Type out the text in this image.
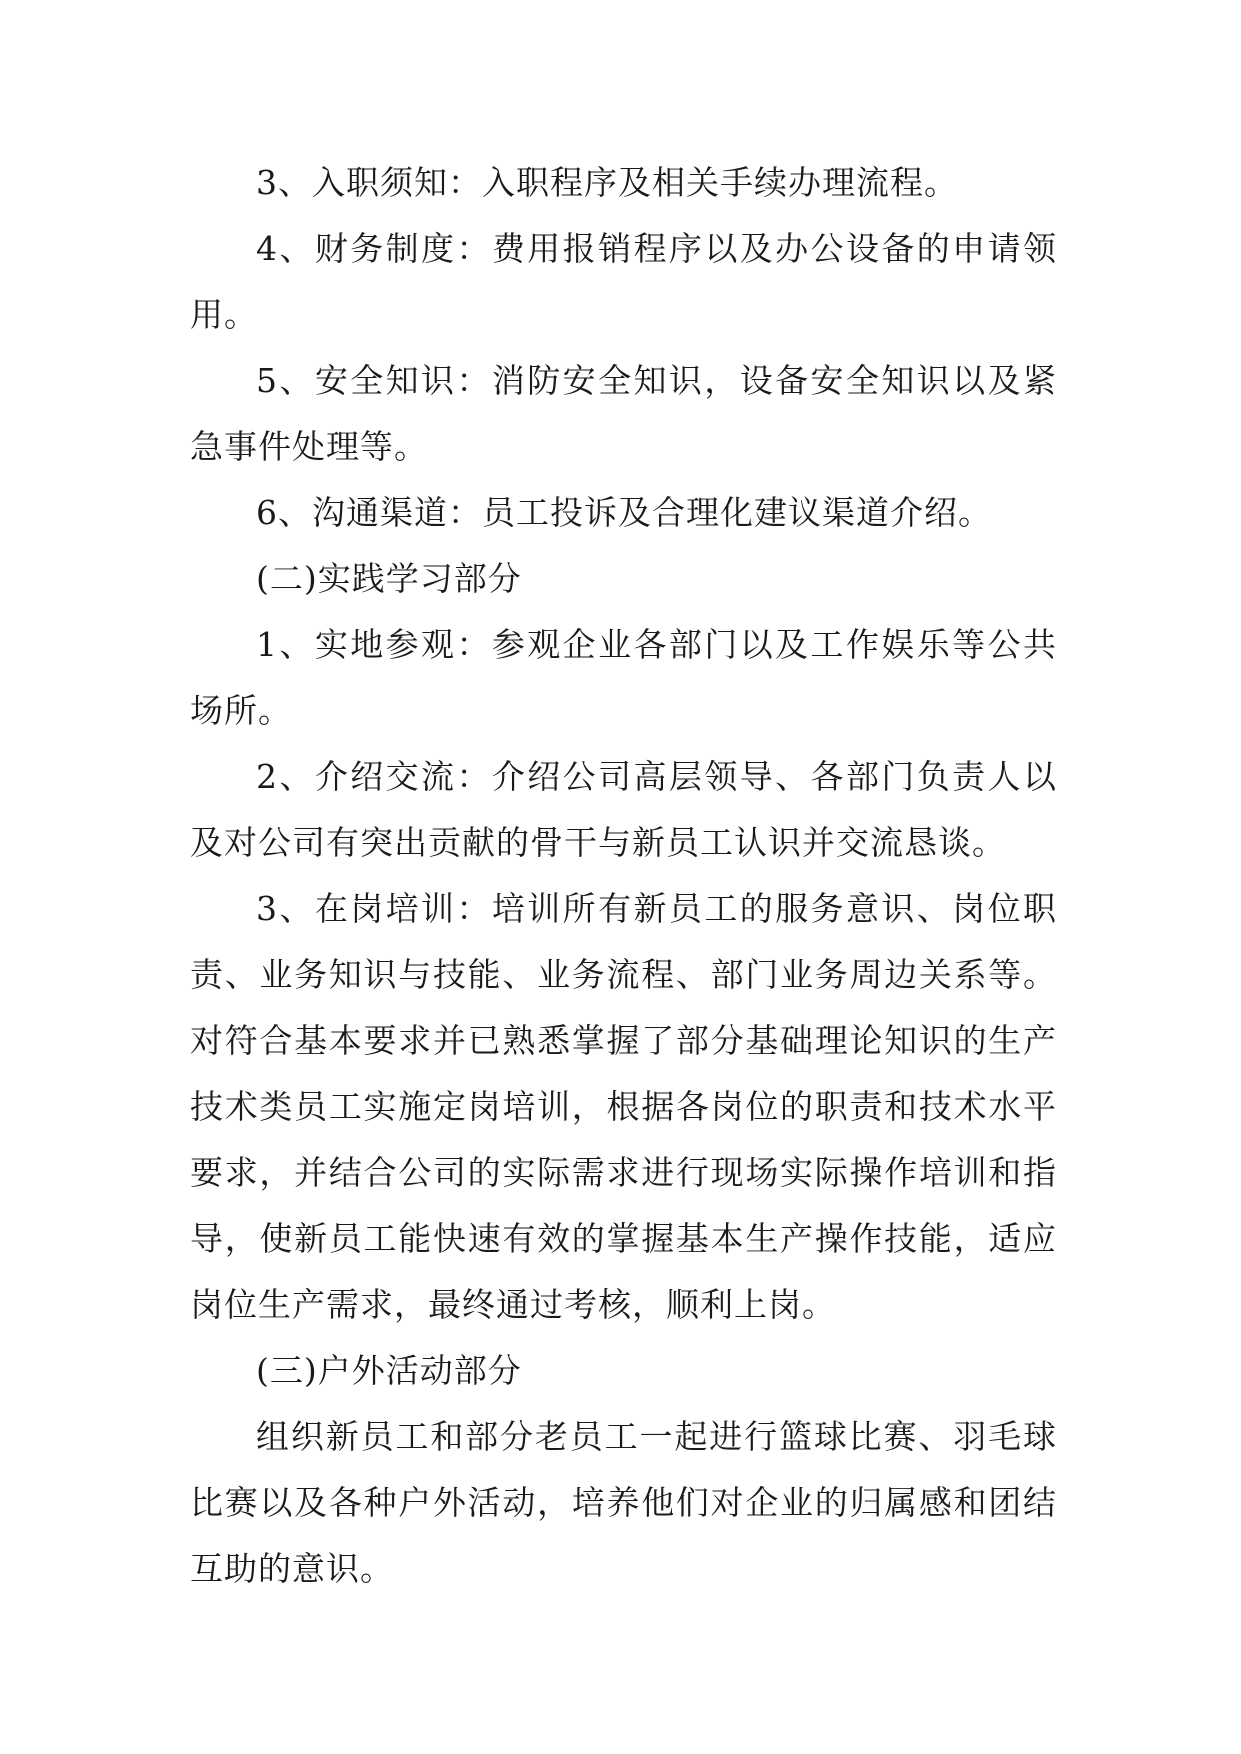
3、入职须知：入职程序及相关手续办理流程。

4、财务制度：费用报销程序以及办公设备的申请领用。

5、安全知识：消防安全知识，设备安全知识以及紧急事件处理等。

6、沟通渠道：员工投诉及合理化建议渠道介绍。

(二)实践学习部分

1、实地参观：参观企业各部门以及工作娱乐等公共场所。

2、介绍交流：介绍公司高层领导、各部门负责人以及对公司有突出贡献的骨干与新员工认识并交流恳谈。

3、在岗培训：培训所有新员工的服务意识、岗位职责、业务知识与技能、业务流程、部门业务周边关系等。对符合基本要求并已熟悉掌握了部分基础理论知识的生产技术类员工实施定岗培训，根据各岗位的职责和技术水平要求，并结合公司的实际需求进行现场实际操作培训和指导，使新员工能快速有效的掌握基本生产操作技能，适应岗位生产需求，最终通过考核，顺利上岗。

(三)户外活动部分

组织新员工和部分老员工一起进行篮球比赛、羽毛球比赛以及各种户外活动，培养他们对企业的归属感和团结互助的意识。
